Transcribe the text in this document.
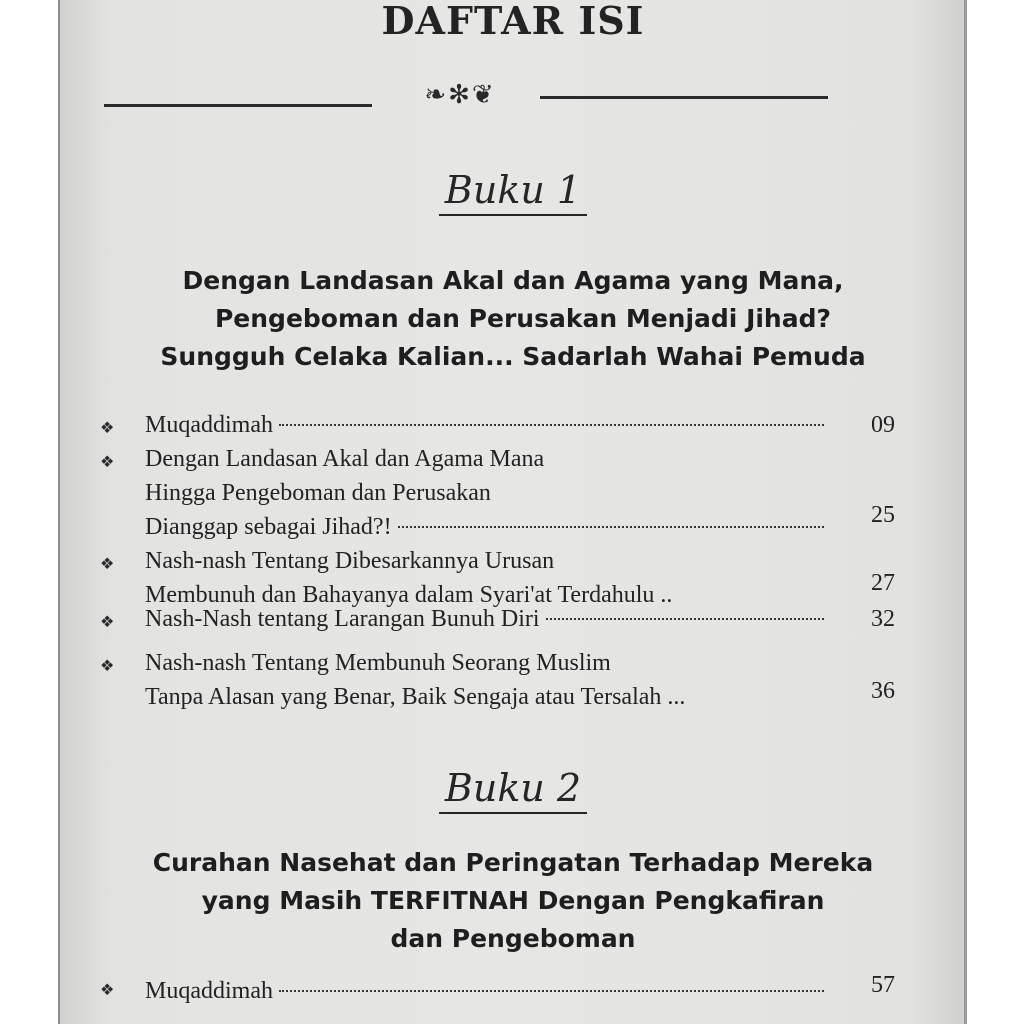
DAFTAR ISI
❧✻❦
Buku 1
Dengan Landasan Akal dan Agama yang Mana,
Pengeboman dan Perusakan Menjadi Jihad?
Sungguh Celaka Kalian... Sadarlah Wahai Pemuda
❖ Muqaddimah	09
❖ Dengan Landasan Akal dan Agama Mana
Hingga Pengeboman dan Perusakan
Dianggap sebagai Jihad?!	25
❖ Nash-nash Tentang Dibesarkannya Urusan
Membunuh dan Bahayanya dalam Syari'at Terdahulu ..	27
❖ Nash-Nash tentang Larangan Bunuh Diri	32
❖ Nash-nash Tentang Membunuh Seorang Muslim
Tanpa Alasan yang Benar, Baik Sengaja atau Tersalah ...	36
Buku 2
Curahan Nasehat dan Peringatan Terhadap Mereka
yang Masih TERFITNAH Dengan Pengkafiran
dan Pengeboman
❖ Muqaddimah	57
